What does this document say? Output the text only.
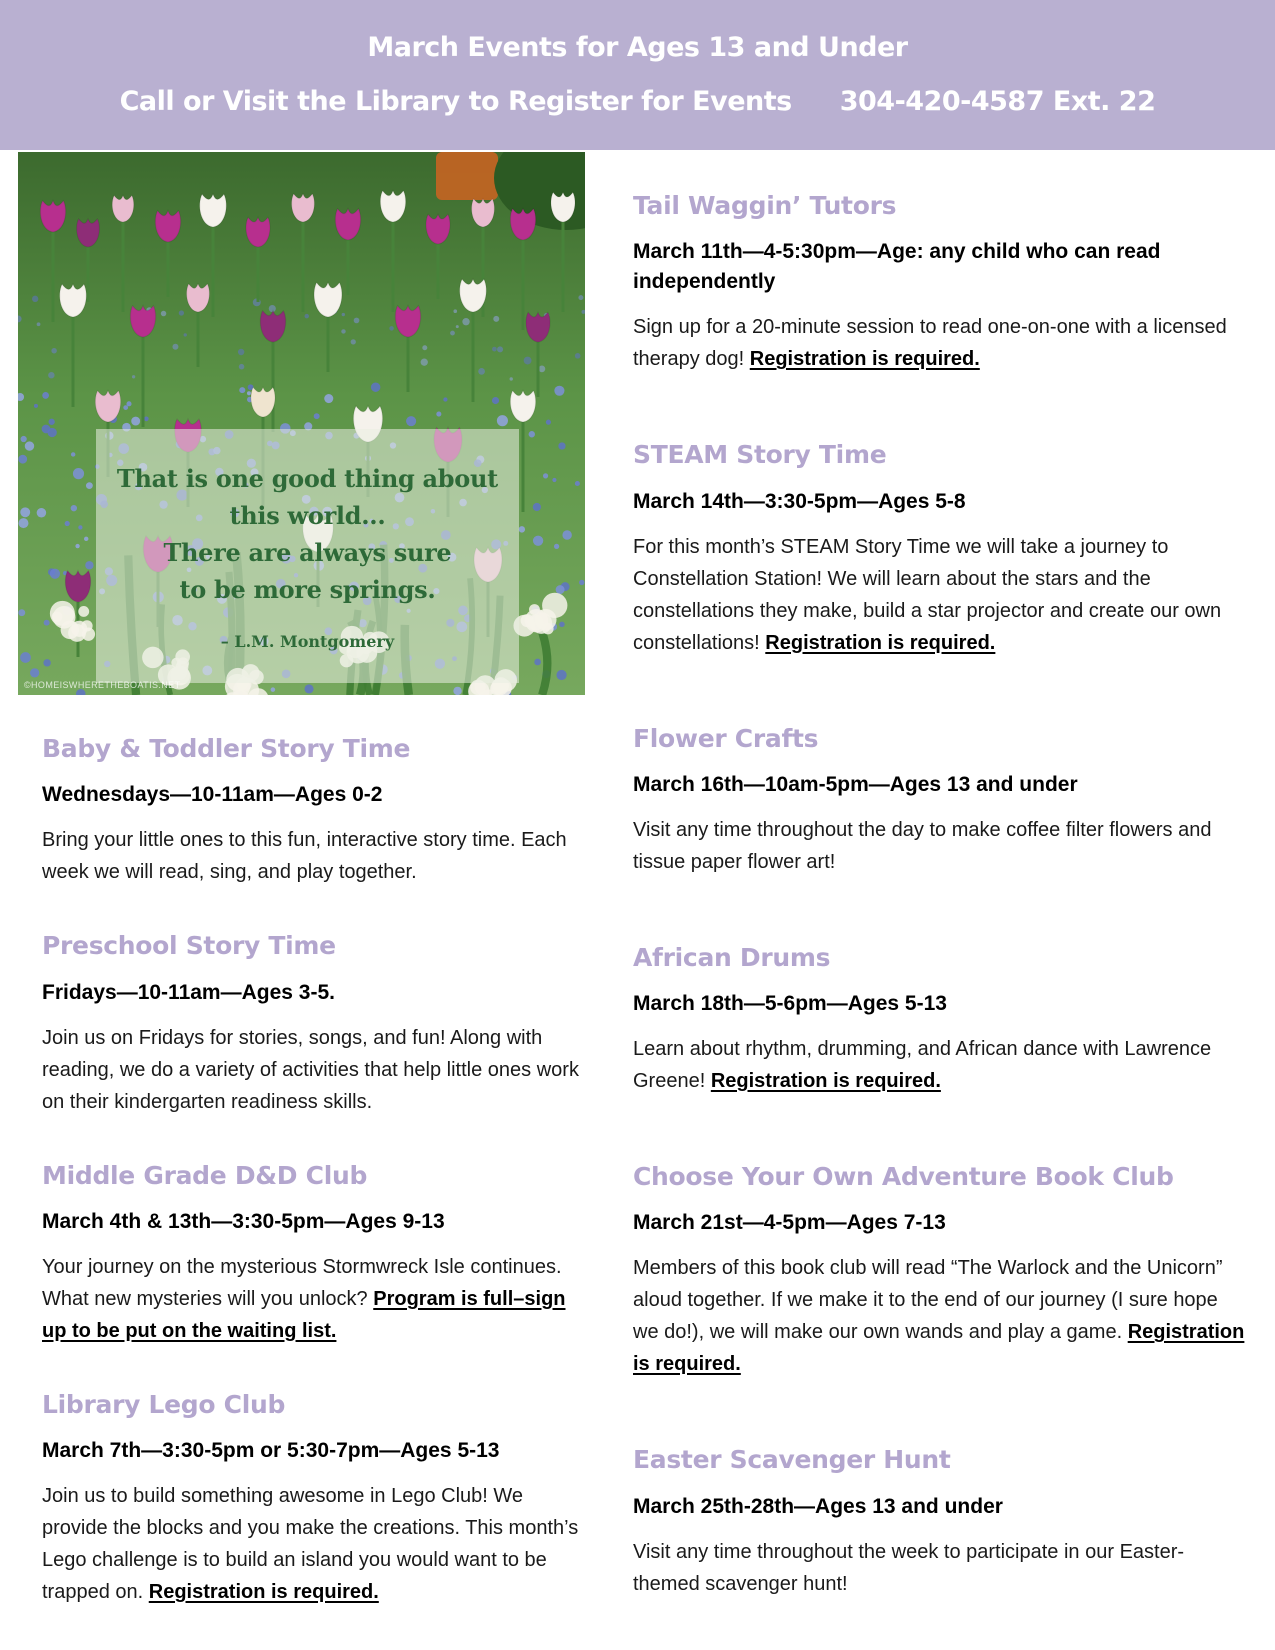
March Events for Ages 13 and Under
Call or Visit the Library to Register for Events 304-420-4587 Ext. 22
That is one good thing about
this world...
There are always sure
to be more springs.
– L.M. Montgomery
©HOMEISWHERETHEBOATIS.NET
Baby & Toddler Story Time

Wednesdays—10-11am—Ages 0-2

Bring your little ones to this fun, interactive story time. Each week we will read, sing, and play together.

Preschool Story Time

Fridays—10-11am—Ages 3-5.

Join us on Fridays for stories, songs, and fun! Along with reading, we do a variety of activities that help little ones work on their kindergarten readiness skills.

Middle Grade D&D Club

March 4th & 13th—3:30-5pm—Ages 9-13

Your journey on the mysterious Stormwreck Isle continues. What new mysteries will you unlock? Program is full–sign up to be put on the waiting list.

Library Lego Club

March 7th—3:30-5pm or 5:30-7pm—Ages 5-13

Join us to build something awesome in Lego Club! We provide the blocks and you make the creations. This month’s Lego challenge is to build an island you would want to be trapped on. Registration is required.

Tail Waggin’ Tutors

March 11th—4-5:30pm—Age: any child who can read independently

Sign up for a 20-minute session to read one-on-one with a licensed therapy dog! Registration is required.

STEAM Story Time

March 14th—3:30-5pm—Ages 5-8

For this month’s STEAM Story Time we will take a journey to Constellation Station! We will learn about the stars and the constellations they make, build a star projector and create our own constellations! Registration is required.

Flower Crafts

March 16th—10am-5pm—Ages 13 and under

Visit any time throughout the day to make coffee filter flowers and tissue paper flower art!

African Drums

March 18th—5-6pm—Ages 5-13

Learn about rhythm, drumming, and African dance with Lawrence Greene! Registration is required.

Choose Your Own Adventure Book Club

March 21st—4-5pm—Ages 7-13

Members of this book club will read “The Warlock and the Unicorn” aloud together. If we make it to the end of our journey (I sure hope we do!), we will make our own wands and play a game. Registration is required.

Easter Scavenger Hunt

March 25th-28th—Ages 13 and under

Visit any time throughout the week to participate in our Easter-themed scavenger hunt!
